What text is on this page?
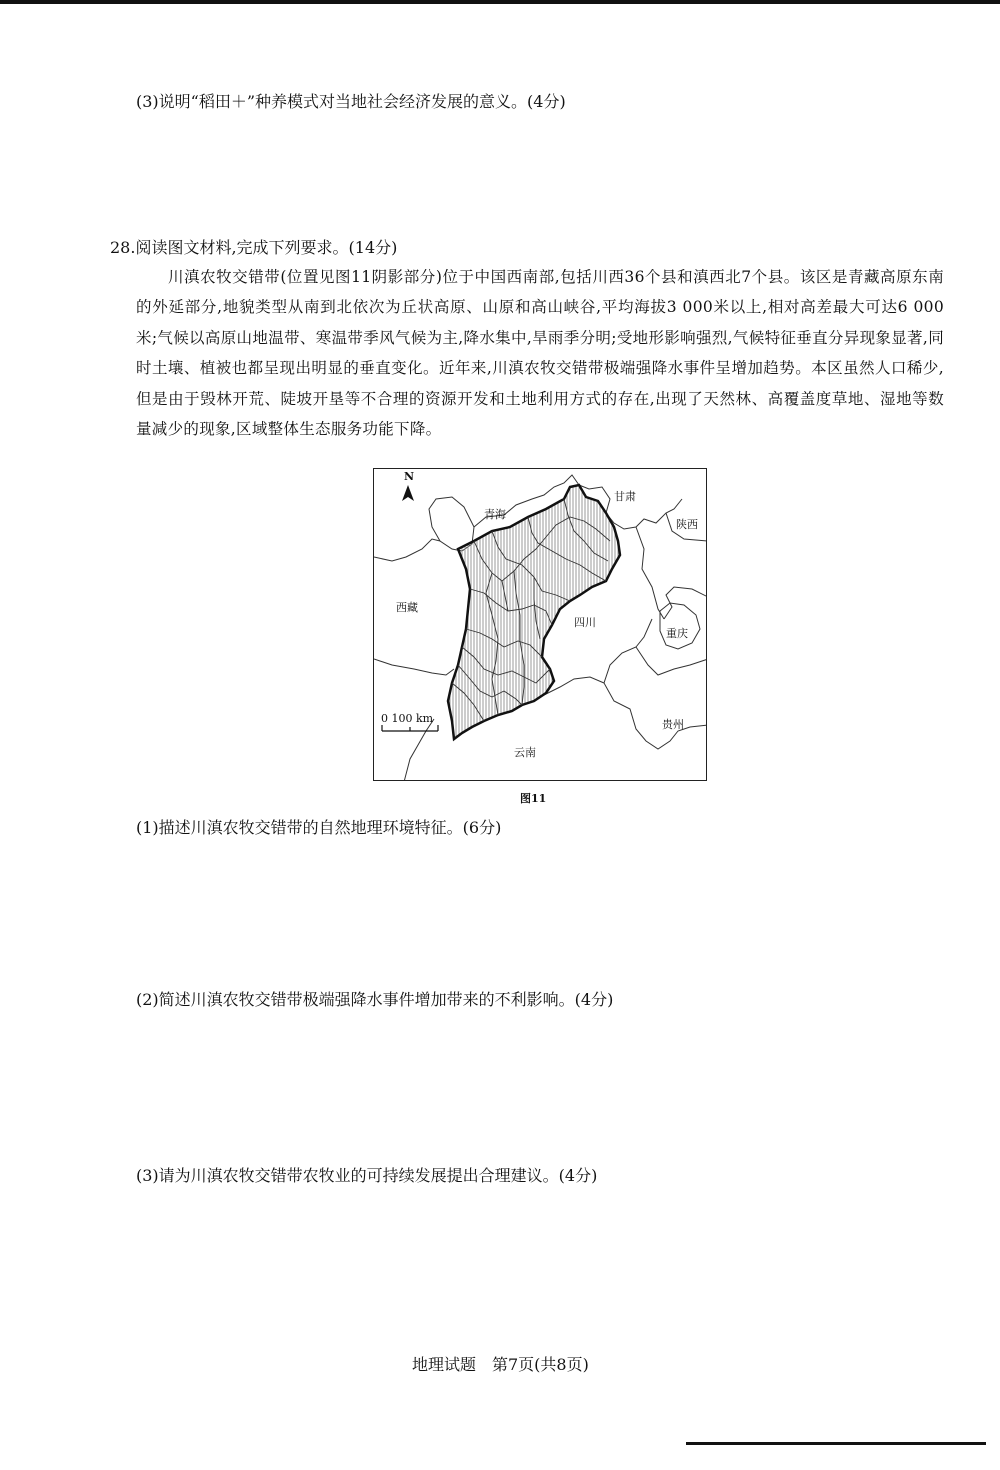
(3)说明“稻田＋”种养模式对当地社会经济发展的意义。(4分)
28.阅读图文材料,完成下列要求。(14分)
川滇农牧交错带(位置见图11阴影部分)位于中国西南部,包括川西36个县和滇西北7个县。该区是青藏高原东南的外延部分,地貌类型从南到北依次为丘状高原、山原和高山峡谷,平均海拔3 000米以上,相对高差最大可达6 000米;气候以高原山地温带、寒温带季风气候为主,降水集中,旱雨季分明;受地形影响强烈,气候特征垂直分异现象显著,同时土壤、植被也都呈现出明显的垂直变化。近年来,川滇农牧交错带极端强降水事件呈增加趋势。本区虽然人口稀少,但是由于毁林开荒、陡坡开垦等不合理的资源开发和土地利用方式的存在,出现了天然林、高覆盖度草地、湿地等数量减少的现象,区域整体生态服务功能下降。
N
0 100 km
青海
甘肃
陕西
西藏
四川
重庆
贵州
云南
图11
(1)描述川滇农牧交错带的自然地理环境特征。(6分)
(2)简述川滇农牧交错带极端强降水事件增加带来的不利影响。(4分)
(3)请为川滇农牧交错带农牧业的可持续发展提出合理建议。(4分)
地理试题　第7页(共8页)
